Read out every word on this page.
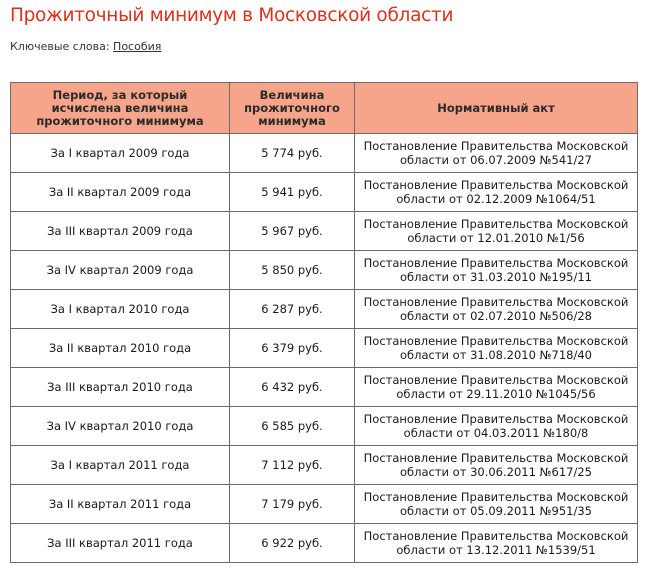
Прожиточный минимум в Московской области
Ключевые слова: Пособия
Период, за который исчислена величина прожиточного минимума	Величина прожиточного минимума	Нормативный акт
За I квартал 2009 года	5 774 руб.	Постановление Правительства Московской области от 06.07.2009 №541/27
За II квартал 2009 года	5 941 руб.	Постановление Правительства Московской области от 02.12.2009 №1064/51
За III квартал 2009 года	5 967 руб.	Постановление Правительства Московской области от 12.01.2010 №1/56
За IV квартал 2009 года	5 850 руб.	Постановление Правительства Московской области от 31.03.2010 №195/11
За I квартал 2010 года	6 287 руб.	Постановление Правительства Московской области от 02.07.2010 №506/28
За II квартал 2010 года	6 379 руб.	Постановление Правительства Московской области от 31.08.2010 №718/40
За III квартал 2010 года	6 432 руб.	Постановление Правительства Московской области от 29.11.2010 №1045/56
За IV квартал 2010 года	6 585 руб.	Постановление Правительства Московской области от 04.03.2011 №180/8
За I квартал 2011 года	7 112 руб.	Постановление Правительства Московской области от 30.06.2011 №617/25
За II квартал 2011 года	7 179 руб.	Постановление Правительства Московской области от 05.09.2011 №951/35
За III квартал 2011 года	6 922 руб.	Постановление Правительства Московской области от 13.12.2011 №1539/51
